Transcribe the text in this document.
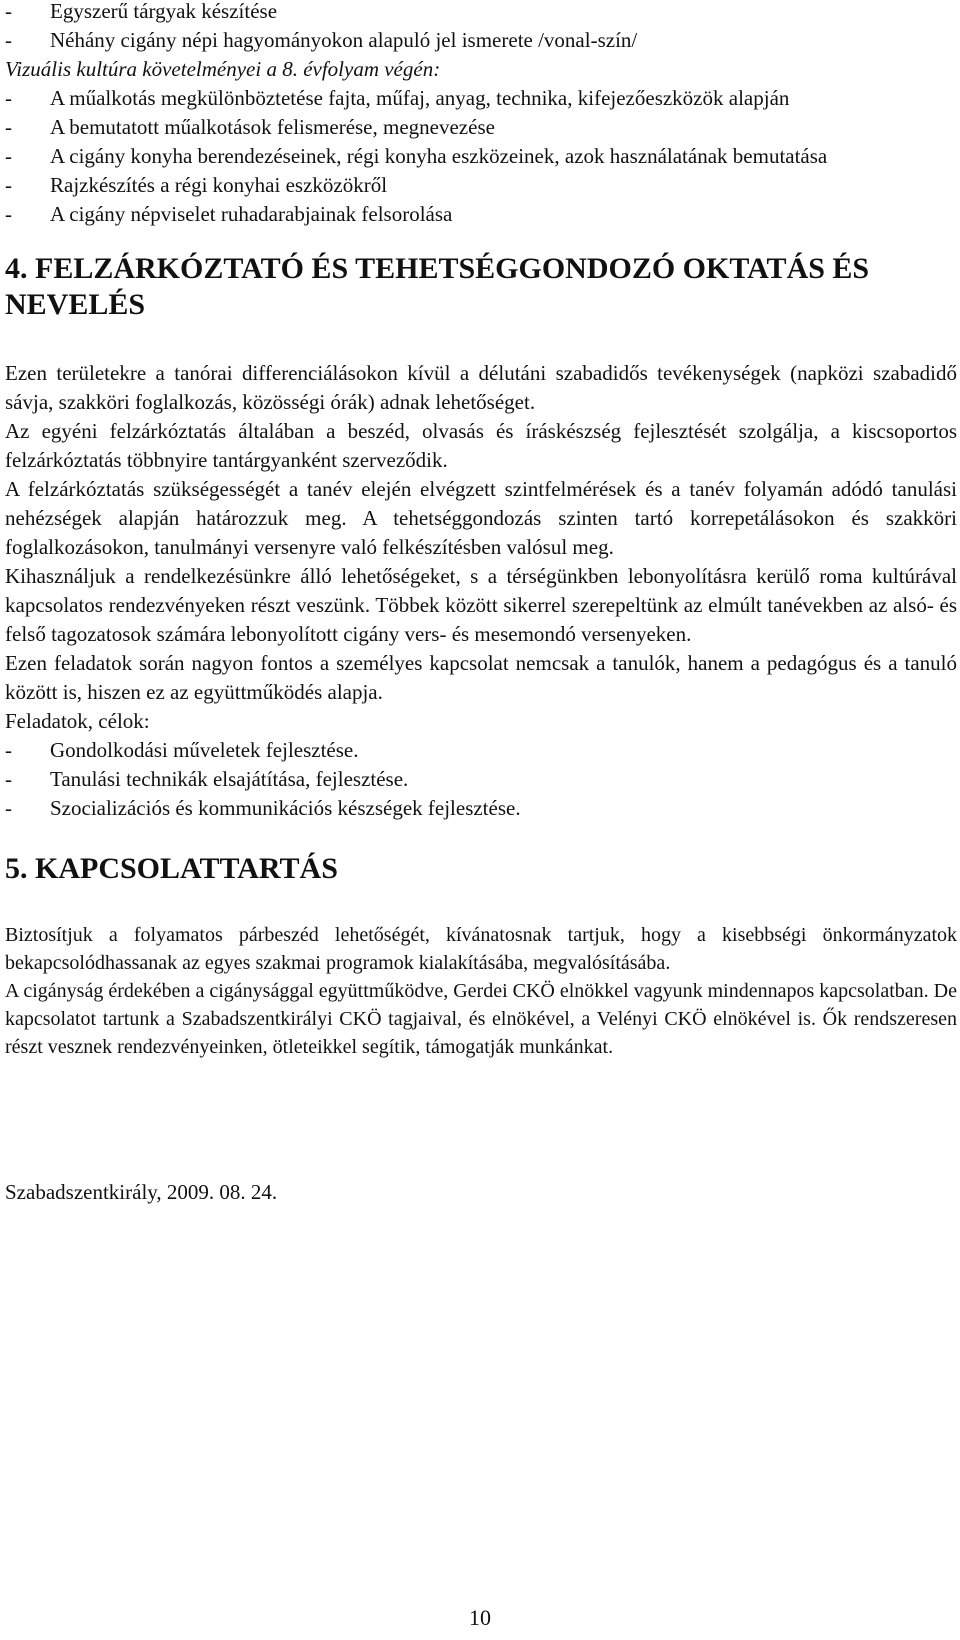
-	Egyszerű tárgyak készítése
-	Néhány cigány népi hagyományokon alapuló jel ismerete /vonal-szín/
Vizuális kultúra követelményei a 8. évfolyam végén:
-	A műalkotás megkülönböztetése fajta, műfaj, anyag, technika, kifejezőeszközök alapján
-	A bemutatott műalkotások felismerése, megnevezése
-	A cigány konyha berendezéseinek, régi konyha eszközeinek, azok használatának bemutatása
-	Rajzkészítés a régi konyhai eszközökről
-	A cigány népviselet ruhadarabjainak felsorolása
4. FELZÁRKÓZTATÓ ÉS TEHETSÉGGONDOZÓ OKTATÁS ÉS NEVELÉS

Ezen területekre a tanórai differenciálásokon kívül a délutáni szabadidős tevékenységek (napközi szabadidő sávja, szakköri foglalkozás, közösségi órák) adnak lehetőséget.

Az egyéni felzárkóztatás általában a beszéd, olvasás és íráskészség fejlesztését szolgálja, a kiscsoportos felzárkóztatás többnyire tantárgyanként szerveződik.

A felzárkóztatás szükségességét a tanév elején elvégzett szintfelmérések és a tanév folyamán adódó tanulási nehézségek alapján határozzuk meg. A tehetséggondozás szinten tartó korrepetálásokon és szakköri foglalkozásokon, tanulmányi versenyre való felkészítésben valósul meg.

Kihasználjuk a rendelkezésünkre álló lehetőségeket, s a térségünkben lebonyolításra kerülő roma kultúrával kapcsolatos rendezvényeken részt veszünk. Többek között sikerrel szerepeltünk az elmúlt tanévekben az alsó- és felső tagozatosok számára lebonyolított cigány vers- és mesemondó versenyeken.

Ezen feladatok során nagyon fontos a személyes kapcsolat nemcsak a tanulók, hanem a pedagógus és a tanuló között is, hiszen ez az együttműködés alapja.

Feladatok, célok:
-	Gondolkodási műveletek fejlesztése.
-	Tanulási technikák elsajátítása, fejlesztése.
-	Szocializációs és kommunikációs készségek fejlesztése.
5. KAPCSOLATTARTÁS

Biztosítjuk a folyamatos párbeszéd lehetőségét, kívánatosnak tartjuk, hogy a kisebbségi önkormányzatok bekapcsolódhassanak az egyes szakmai programok kialakításába, megvalósításába.

A cigányság érdekében a cigánysággal együttműködve, Gerdei CKÖ elnökkel vagyunk mindennapos kapcsolatban. De kapcsolatot tartunk a Szabadszentkirályi CKÖ tagjaival, és elnökével, a Velényi CKÖ elnökével is. Ők rendszeresen részt vesznek rendezvényeinken, ötleteikkel segítik, támogatják munkánkat.

Szabadszentkirály, 2009. 08. 24.

10
